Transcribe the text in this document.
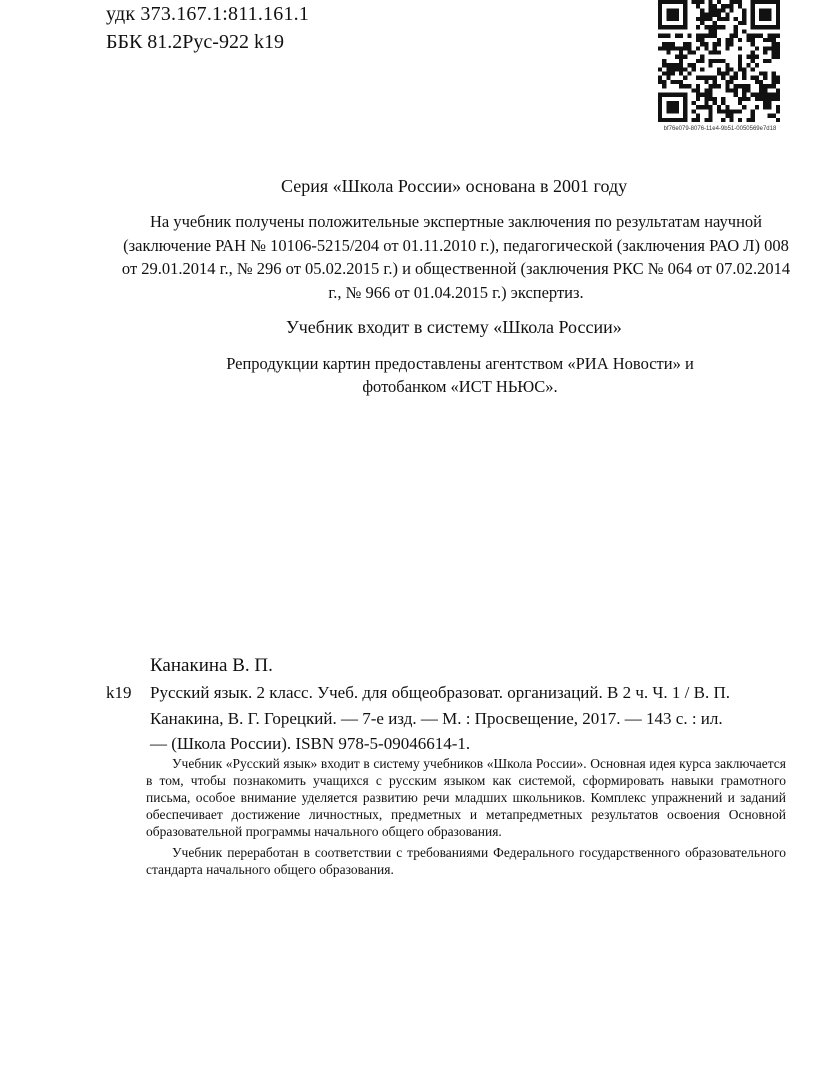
удк 373.167.1:811.161.1
ББК 81.2Рус-922 k19
bf76e079-8076-11e4-9b51-0050569e7d18
Серия «Школа России» основана в 2001 году
На учебник получены положительные экспертные заключения по результатам научной
(заключение РАН № 10106-5215/204 от 01.11.2010 г.), педагогической (заключения РАО Л) 008
от 29.01.2014 г., № 296 от 05.02.2015 г.) и общественной (заключения РКС № 064 от 07.02.2014
г., № 966 от 01.04.2015 г.) экспертиз.
Учебник входит в систему «Школа России»
Репродукции картин предоставлены агентством «РИА Новости» и
фотобанком «ИСТ НЬЮС».
Канакина В. П.
k19 Русский язык. 2 класс. Учеб. для общеобразоват. организаций. В 2 ч. Ч. 1 / В. П.
Канакина, В. Г. Горецкий. — 7-е изд. — М. : Просвещение, 2017. — 143 с. : ил.
— (Школа России). ISBN 978-5-09046614-1.

Учебник «Русский язык» входит в систему учебников «Школа России». Основная идея курса заключается в том, чтобы познакомить учащихся с русским языком как системой, сформировать навыки грамотного письма, особое внимание уделяется развитию речи младших школьников. Комплекс упражнений и заданий обеспечивает достижение личностных, предметных и метапредметных результатов освоения Основной образовательной программы начального общего образования.

Учебник переработан в соответствии с требованиями Федерального государственного образовательного стандарта начального общего образования.
